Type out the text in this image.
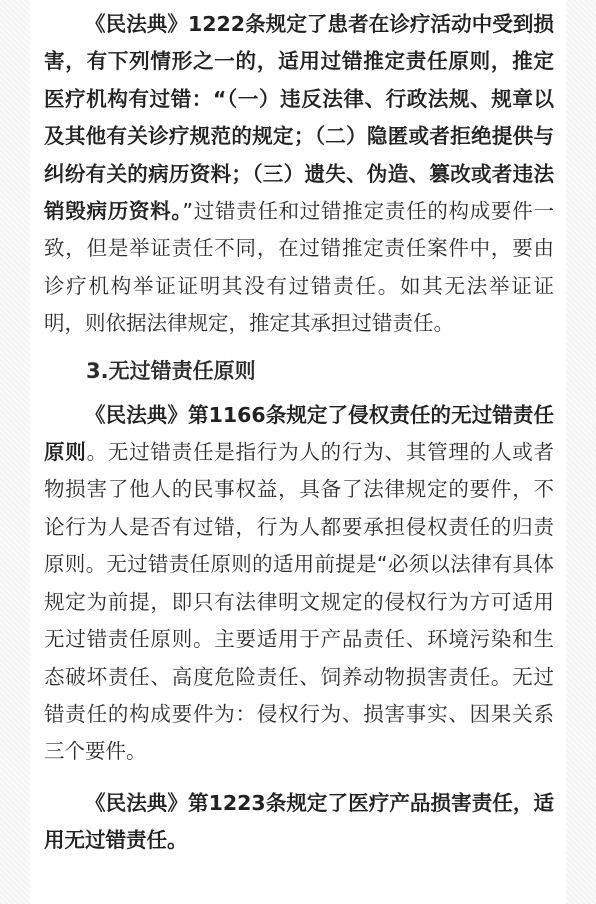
《民法典》1222条规定了患者在诊疗活动中受到损害，有下列情形之一的，适用过错推定责任原则，推定医疗机构有过错：“（一）违反法律、行政法规、规章以及其他有关诊疗规范的规定；（二）隐匿或者拒绝提供与纠纷有关的病历资料；（三）遗失、伪造、篡改或者违法销毁病历资料。”过错责任和过错推定责任的构成要件一致，但是举证责任不同，在过错推定责任案件中，要由诊疗机构举证证明其没有过错责任。如其无法举证证明，则依据法律规定，推定其承担过错责任。

3.无过错责任原则

《民法典》第1166条规定了侵权责任的无过错责任原则。无过错责任是指行为人的行为、其管理的人或者物损害了他人的民事权益，具备了法律规定的要件，不论行为人是否有过错，行为人都要承担侵权责任的归责原则。无过错责任原则的适用前提是“必须以法律有具体规定为前提，即只有法律明文规定的侵权行为方可适用无过错责任原则。主要适用于产品责任、环境污染和生态破坏责任、高度危险责任、饲养动物损害责任。无过错责任的构成要件为：侵权行为、损害事实、因果关系三个要件。

《民法典》第1223条规定了医疗产品损害责任，适用无过错责任。
